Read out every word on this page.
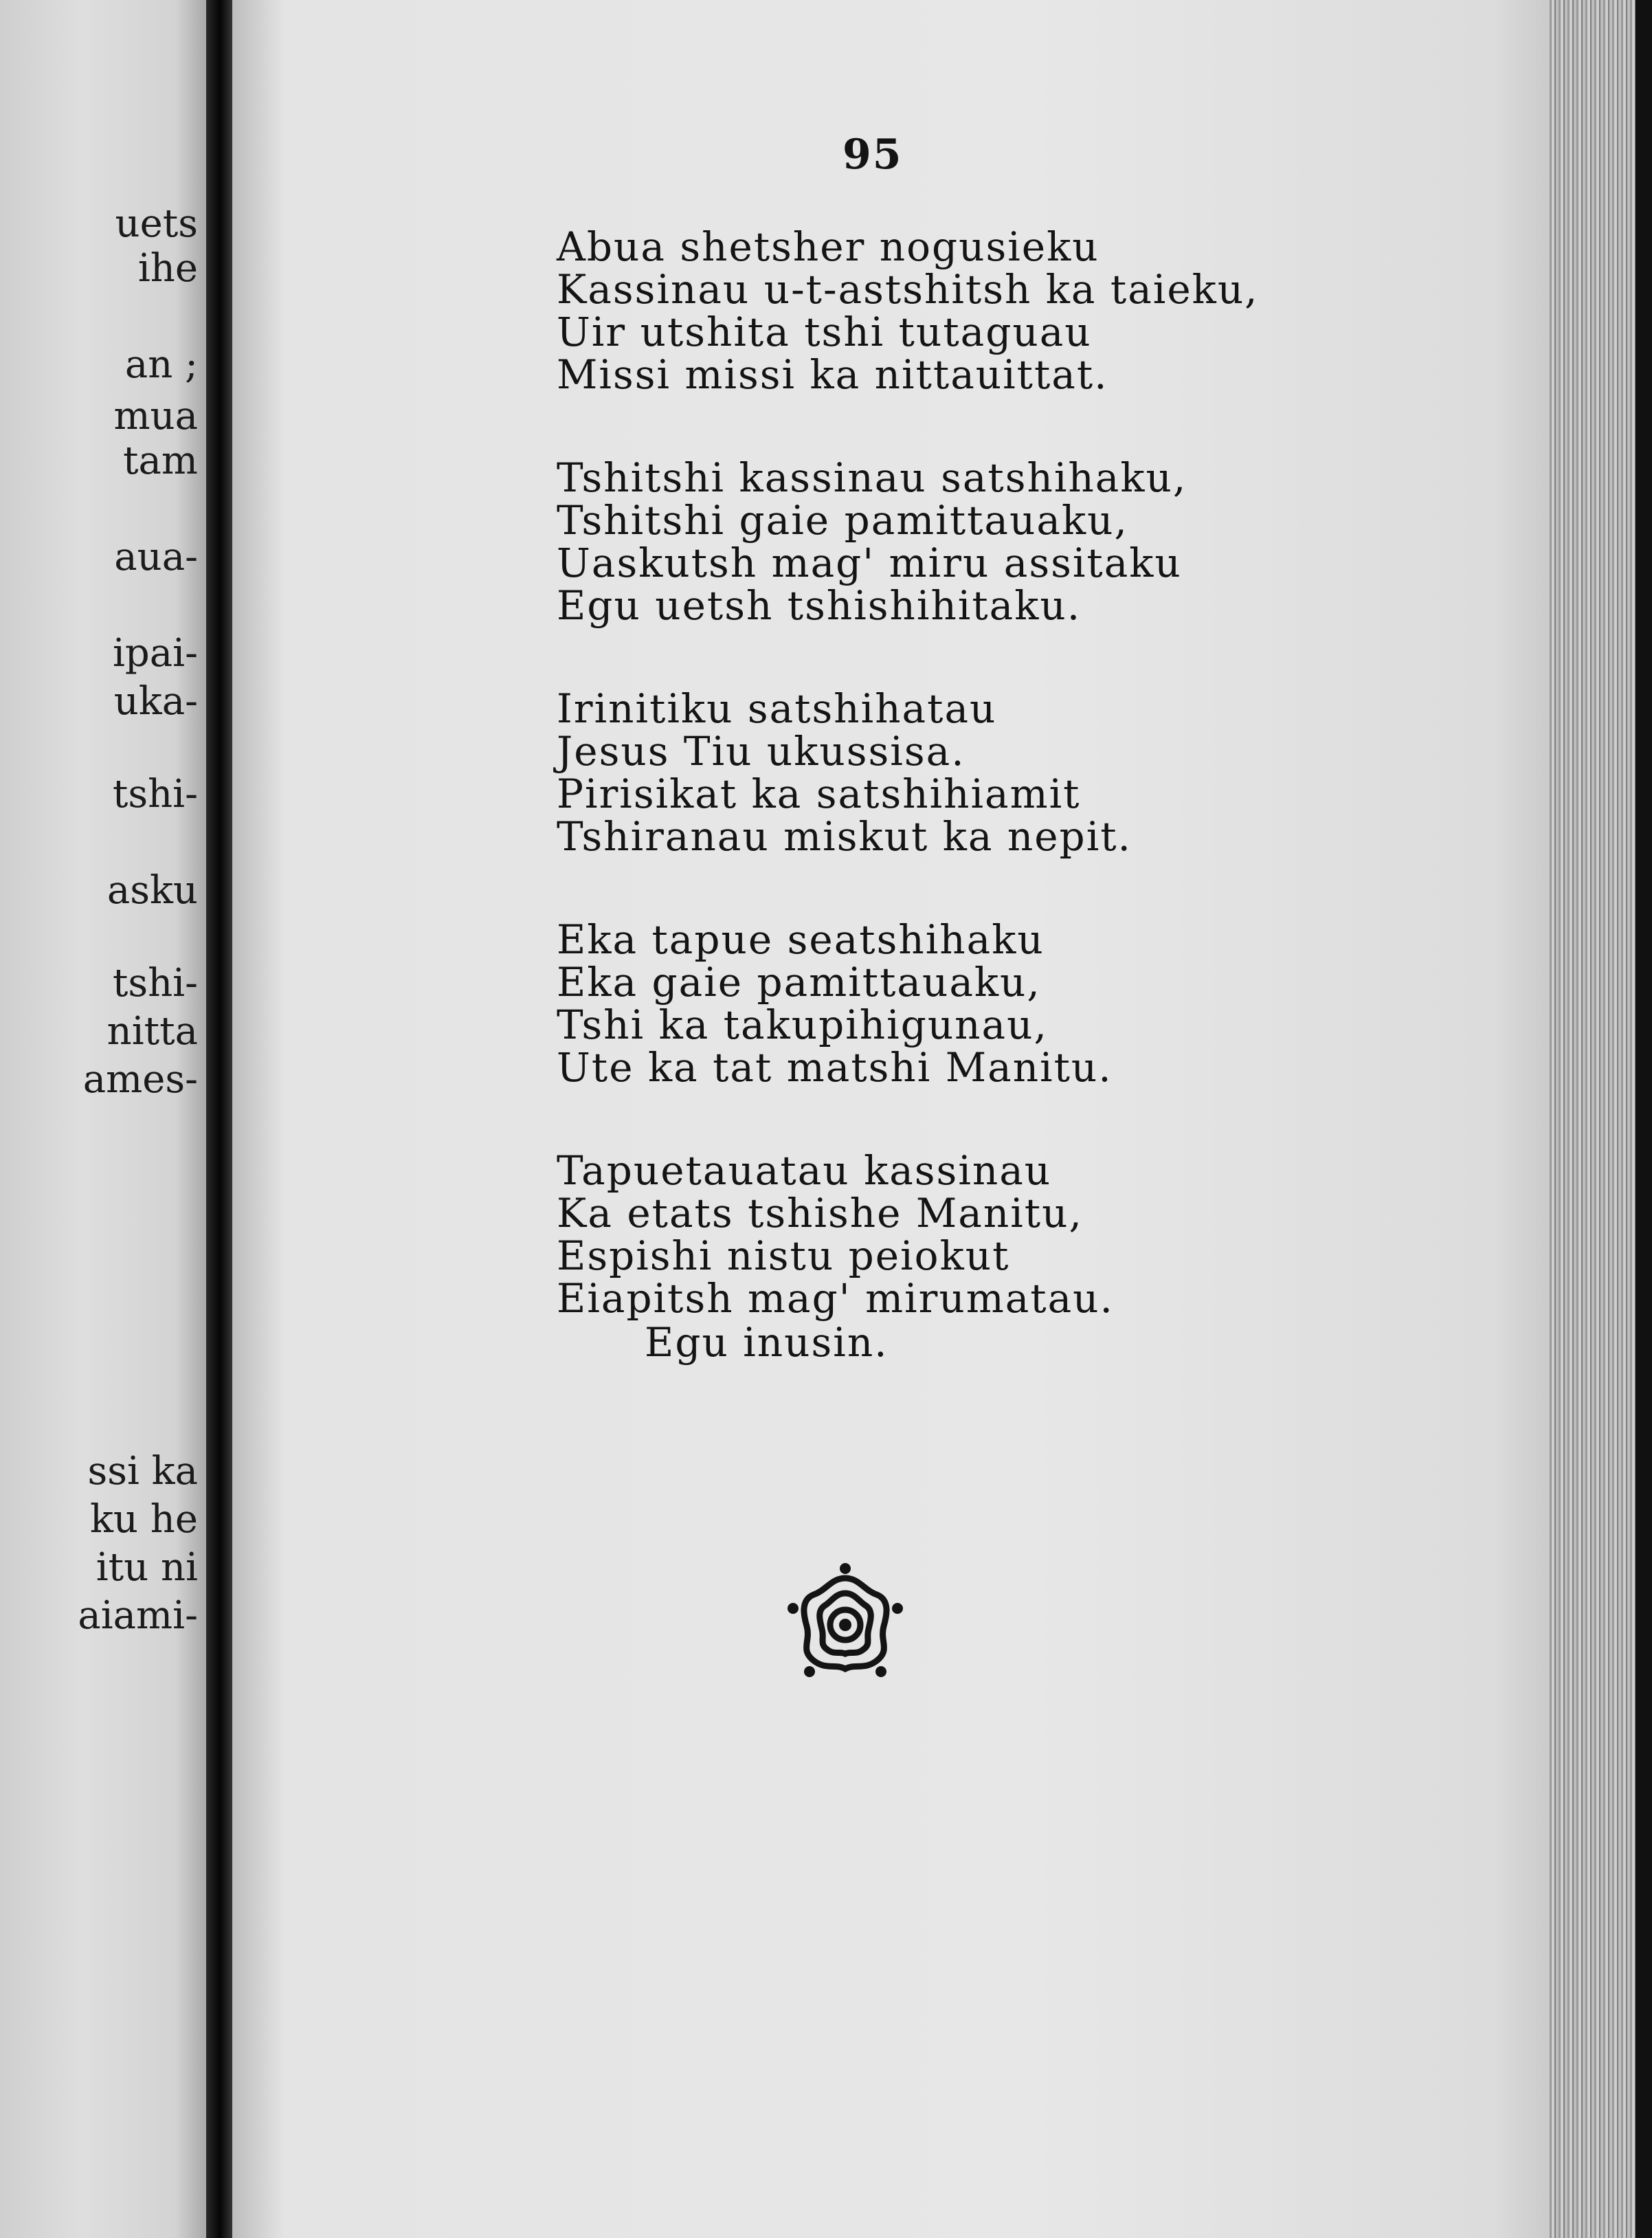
uets

ihe

an ;

mua

tam

aua-

ipai-

uka-

tshi-

asku

tshi-

nitta

ames-

ssi ka

ku he

itu ni

aiami-

95
Abua shetsher nogusieku
Kassinau u-t-astshitsh ka taieku,
Uir utshita tshi tutaguau
Missi missi ka nittauittat.
Tshitshi kassinau satshihaku,
Tshitshi gaie pamittauaku,
Uaskutsh mag' miru assitaku
Egu uetsh tshishihitaku.
Irinitiku satshihatau
Jesus Tiu ukussisa.
Pirisikat ka satshihiamit
Tshiranau miskut ka nepit.
Eka tapue seatshihaku
Eka gaie pamittauaku,
Tshi ka takupihigunau,
Ute ka tat matshi Manitu.
Tapuetauatau kassinau
Ka etats tshishe Manitu,
Espishi nistu peiokut
Eiapitsh mag' mirumatau.
Egu inusin.
